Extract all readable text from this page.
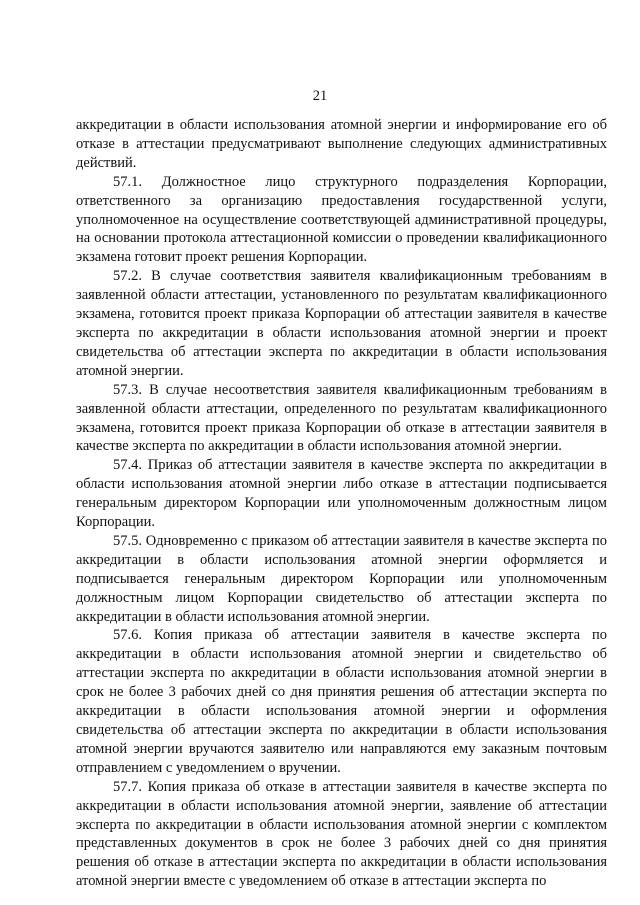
21

аккредитации в области использования атомной энергии и информирование его об отказе в аттестации предусматривают выполнение следующих административных действий.

57.1. Должностное лицо структурного подразделения Корпорации, ответственного за организацию предоставления государственной услуги, уполномоченное на осуществление соответствующей административной процедуры, на основании протокола аттестационной комиссии о проведении квалификационного экзамена готовит проект решения Корпорации.

57.2. В случае соответствия заявителя квалификационным требованиям в заявленной области аттестации, установленного по результатам квалификационного экзамена, готовится проект приказа Корпорации об аттестации заявителя в качестве эксперта по аккредитации в области использования атомной энергии и проект свидетельства об аттестации эксперта по аккредитации в области использования атомной энергии.

57.3. В случае несоответствия заявителя квалификационным требованиям в заявленной области аттестации, определенного по результатам квалификационного экзамена, готовится проект приказа Корпорации об отказе в аттестации заявителя в качестве эксперта по аккредитации в области использования атомной энергии.

57.4. Приказ об аттестации заявителя в качестве эксперта по аккредитации в области использования атомной энергии либо отказе в аттестации подписывается генеральным директором Корпорации или уполномоченным должностным лицом Корпорации.

57.5. Одновременно с приказом об аттестации заявителя в качестве эксперта по аккредитации в области использования атомной энергии оформляется и подписывается генеральным директором Корпорации или уполномоченным должностным лицом Корпорации свидетельство об аттестации эксперта по аккредитации в области использования атомной энергии.

57.6. Копия приказа об аттестации заявителя в качестве эксперта по аккредитации в области использования атомной энергии и свидетельство об аттестации эксперта по аккредитации в области использования атомной энергии в срок не более 3 рабочих дней со дня принятия решения об аттестации эксперта по аккредитации в области использования атомной энергии и оформления свидетельства об аттестации эксперта по аккредитации в области использования атомной энергии вручаются заявителю или направляются ему заказным почтовым отправлением с уведомлением о вручении.

57.7. Копия приказа об отказе в аттестации заявителя в качестве эксперта по аккредитации в области использования атомной энергии, заявление об аттестации эксперта по аккредитации в области использования атомной энергии с комплектом представленных документов в срок не более 3 рабочих дней со дня принятия решения об отказе в аттестации эксперта по аккредитации в области использования атомной энергии вместе с уведомлением об отказе в аттестации эксперта по
